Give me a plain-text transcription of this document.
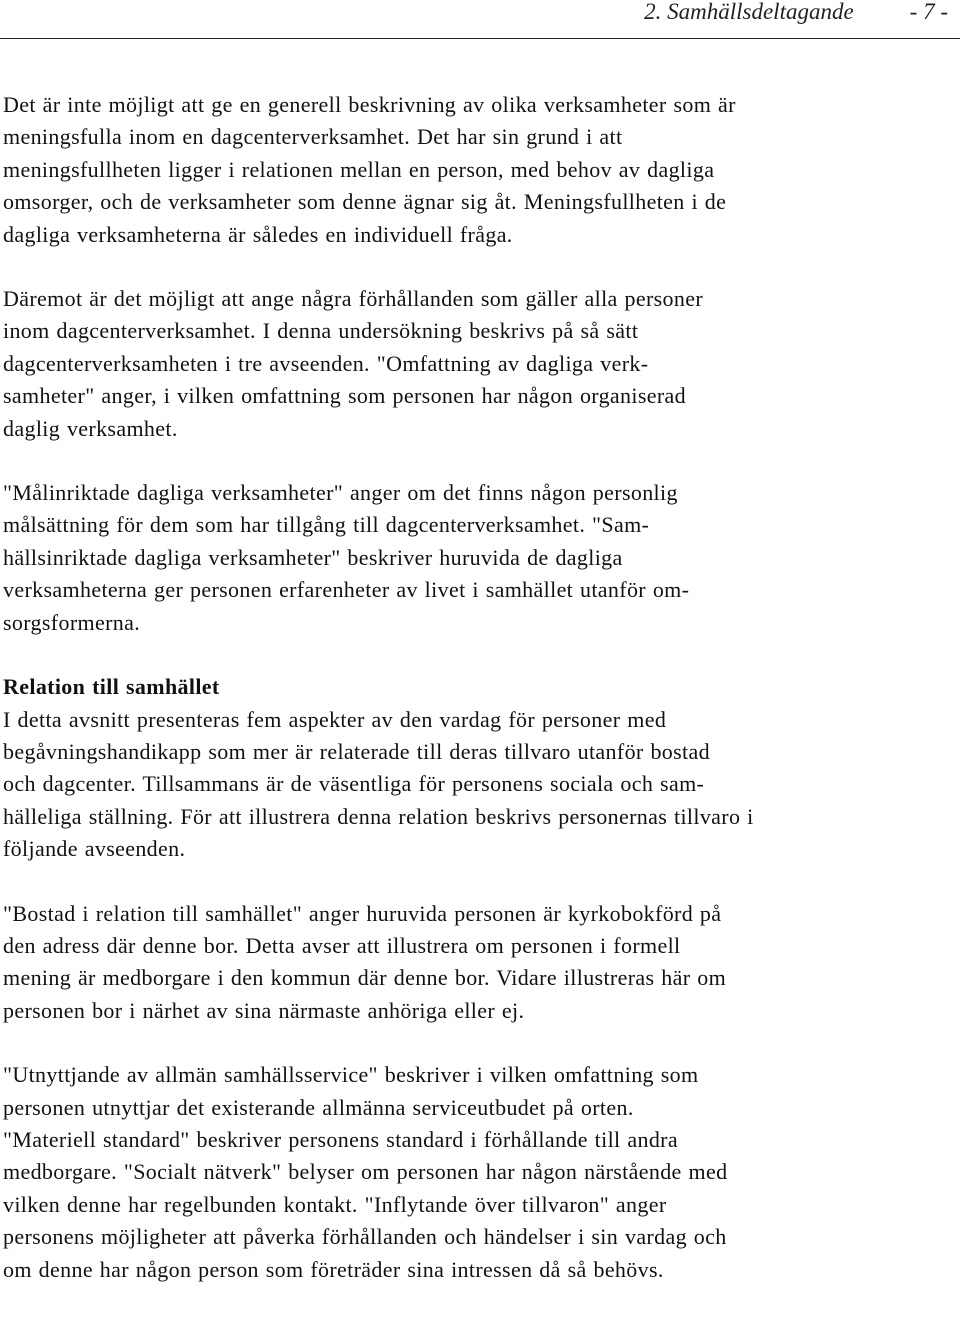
2. Samhällsdeltagande - 7 -
Det är inte möjligt att ge en generell beskrivning av olika verksamheter som är
meningsfulla inom en dagcenterverksamhet. Det har sin grund i att
meningsfullheten ligger i relationen mellan en person, med behov av dagliga
omsorger, och de verksamheter som denne ägnar sig åt. Meningsfullheten i de
dagliga verksamheterna är således en individuell fråga.
Däremot är det möjligt att ange några förhållanden som gäller alla personer
inom dagcenterverksamhet. I denna undersökning beskrivs på så sätt
dagcenterverksamheten i tre avseenden. "Omfattning av dagliga verk-
samheter" anger, i vilken omfattning som personen har någon organiserad
daglig verksamhet.
"Målinriktade dagliga verksamheter" anger om det finns någon personlig
målsättning för dem som har tillgång till dagcenterverksamhet. "Sam-
hällsinriktade dagliga verksamheter" beskriver huruvida de dagliga
verksamheterna ger personen erfarenheter av livet i samhället utanför om-
sorgsformerna.
Relation till samhället
I detta avsnitt presenteras fem aspekter av den vardag för personer med
begåvningshandikapp som mer är relaterade till deras tillvaro utanför bostad
och dagcenter. Tillsammans är de väsentliga för personens sociala och sam-
hälleliga ställning. För att illustrera denna relation beskrivs personernas tillvaro i
följande avseenden.
"Bostad i relation till samhället" anger huruvida personen är kyrkobokförd på
den adress där denne bor. Detta avser att illustrera om personen i formell
mening är medborgare i den kommun där denne bor. Vidare illustreras här om
personen bor i närhet av sina närmaste anhöriga eller ej.
"Utnyttjande av allmän samhällsservice" beskriver i vilken omfattning som
personen utnyttjar det existerande allmänna serviceutbudet på orten.
"Materiell standard" beskriver personens standard i förhållande till andra
medborgare. "Socialt nätverk" belyser om personen har någon närstående med
vilken denne har regelbunden kontakt. "Inflytande över tillvaron" anger
personens möjligheter att påverka förhållanden och händelser i sin vardag och
om denne har någon person som företräder sina intressen då så behövs.
